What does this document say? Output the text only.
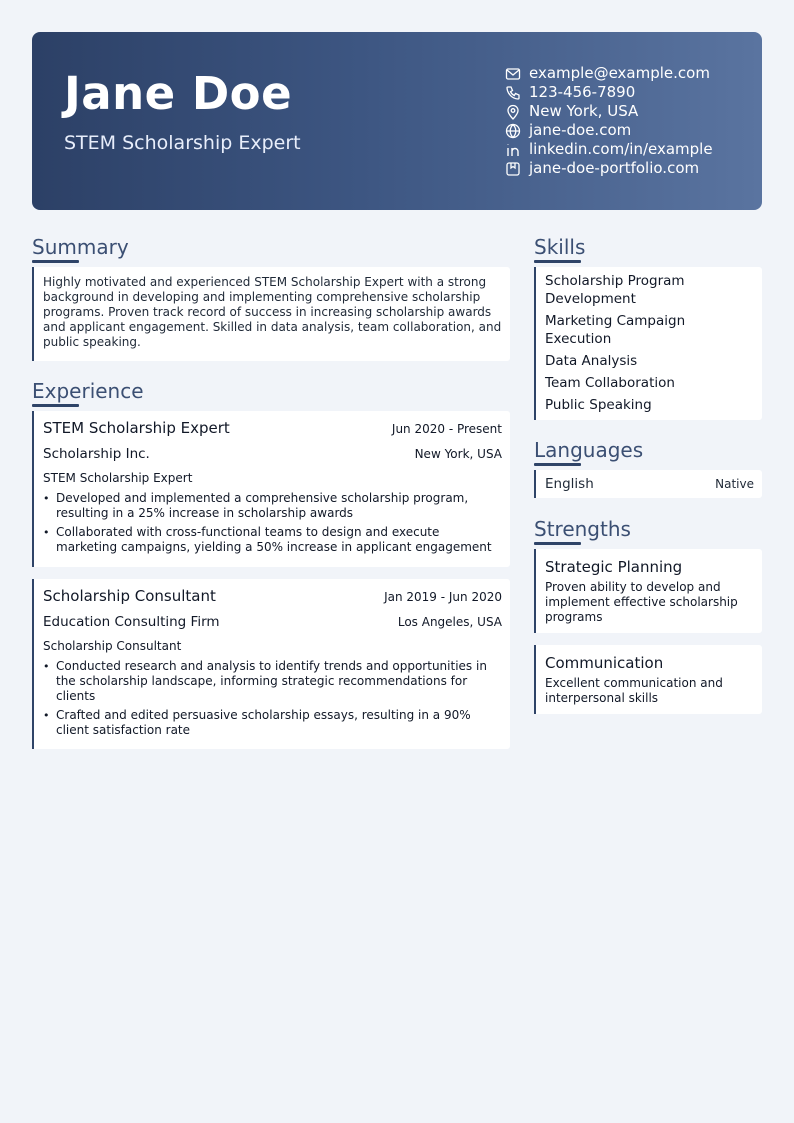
Jane Doe
STEM Scholarship Expert
example@example.com
123-456-7890
New York, USA
jane-doe.com
linkedin.com/in/example
jane-doe-portfolio.com
Summary
Highly motivated and experienced STEM Scholarship Expert with a strong background in developing and implementing comprehensive scholarship programs. Proven track record of success in increasing scholarship awards and applicant engagement. Skilled in data analysis, team collaboration, and public speaking.
Experience
STEM Scholarship Expert	Jun 2020 - Present
Scholarship Inc.	New York, USA
STEM Scholarship Expert
• Developed and implemented a comprehensive scholarship program, resulting in a 25% increase in scholarship awards
• Collaborated with cross-functional teams to design and execute marketing campaigns, yielding a 50% increase in applicant engagement
Scholarship Consultant	Jan 2019 - Jun 2020
Education Consulting Firm	Los Angeles, USA
Scholarship Consultant
• Conducted research and analysis to identify trends and opportunities in the scholarship landscape, informing strategic recommendations for clients
• Crafted and edited persuasive scholarship essays, resulting in a 90% client satisfaction rate
Skills
Scholarship Program Development
Marketing Campaign Execution
Data Analysis
Team Collaboration
Public Speaking
Languages
English	Native
Strengths
Strategic Planning
Proven ability to develop and implement effective scholarship programs
Communication
Excellent communication and interpersonal skills
